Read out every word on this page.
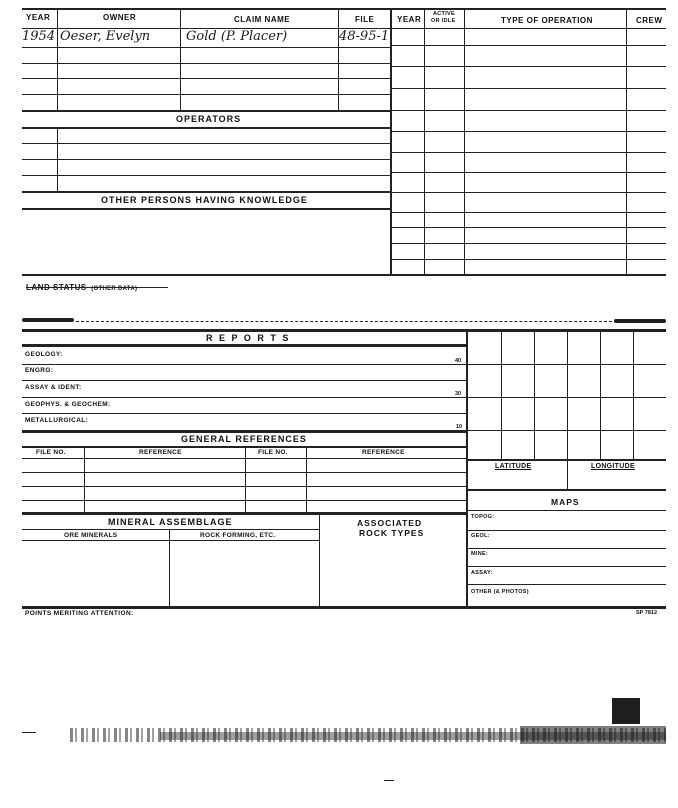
YEAR	OWNER	CLAIM NAME	FILE	YEAR
ACTIVE
OR IDLE	TYPE OF OPERATION	CREW
1954 Oeser, Evelyn	Gold (P. Placer)	48-95-1
OPERATORS
OTHER PERSONS HAVING KNOWLEDGE
LAND STATUS (OTHER DATA)
R E P O R T S
GEOLOGY:
40
ENGRG:
ASSAY & IDENT:
30
GEOPHYS. & GEOCHEM:
METALLURGICAL:
10
GENERAL REFERENCES
FILE NO.	REFERENCE	FILE NO.	REFERENCE
MINERAL ASSEMBLAGE
ORE MINERALS	ROCK FORMING, ETC.
ASSOCIATED
ROCK TYPES
LATITUDE	LONGITUDE
MAPS
TOPOG:
GEOL:
MINE:
ASSAY:
OTHER (& PHOTOS)
POINTS MERITING ATTENTION:	SP 7812
